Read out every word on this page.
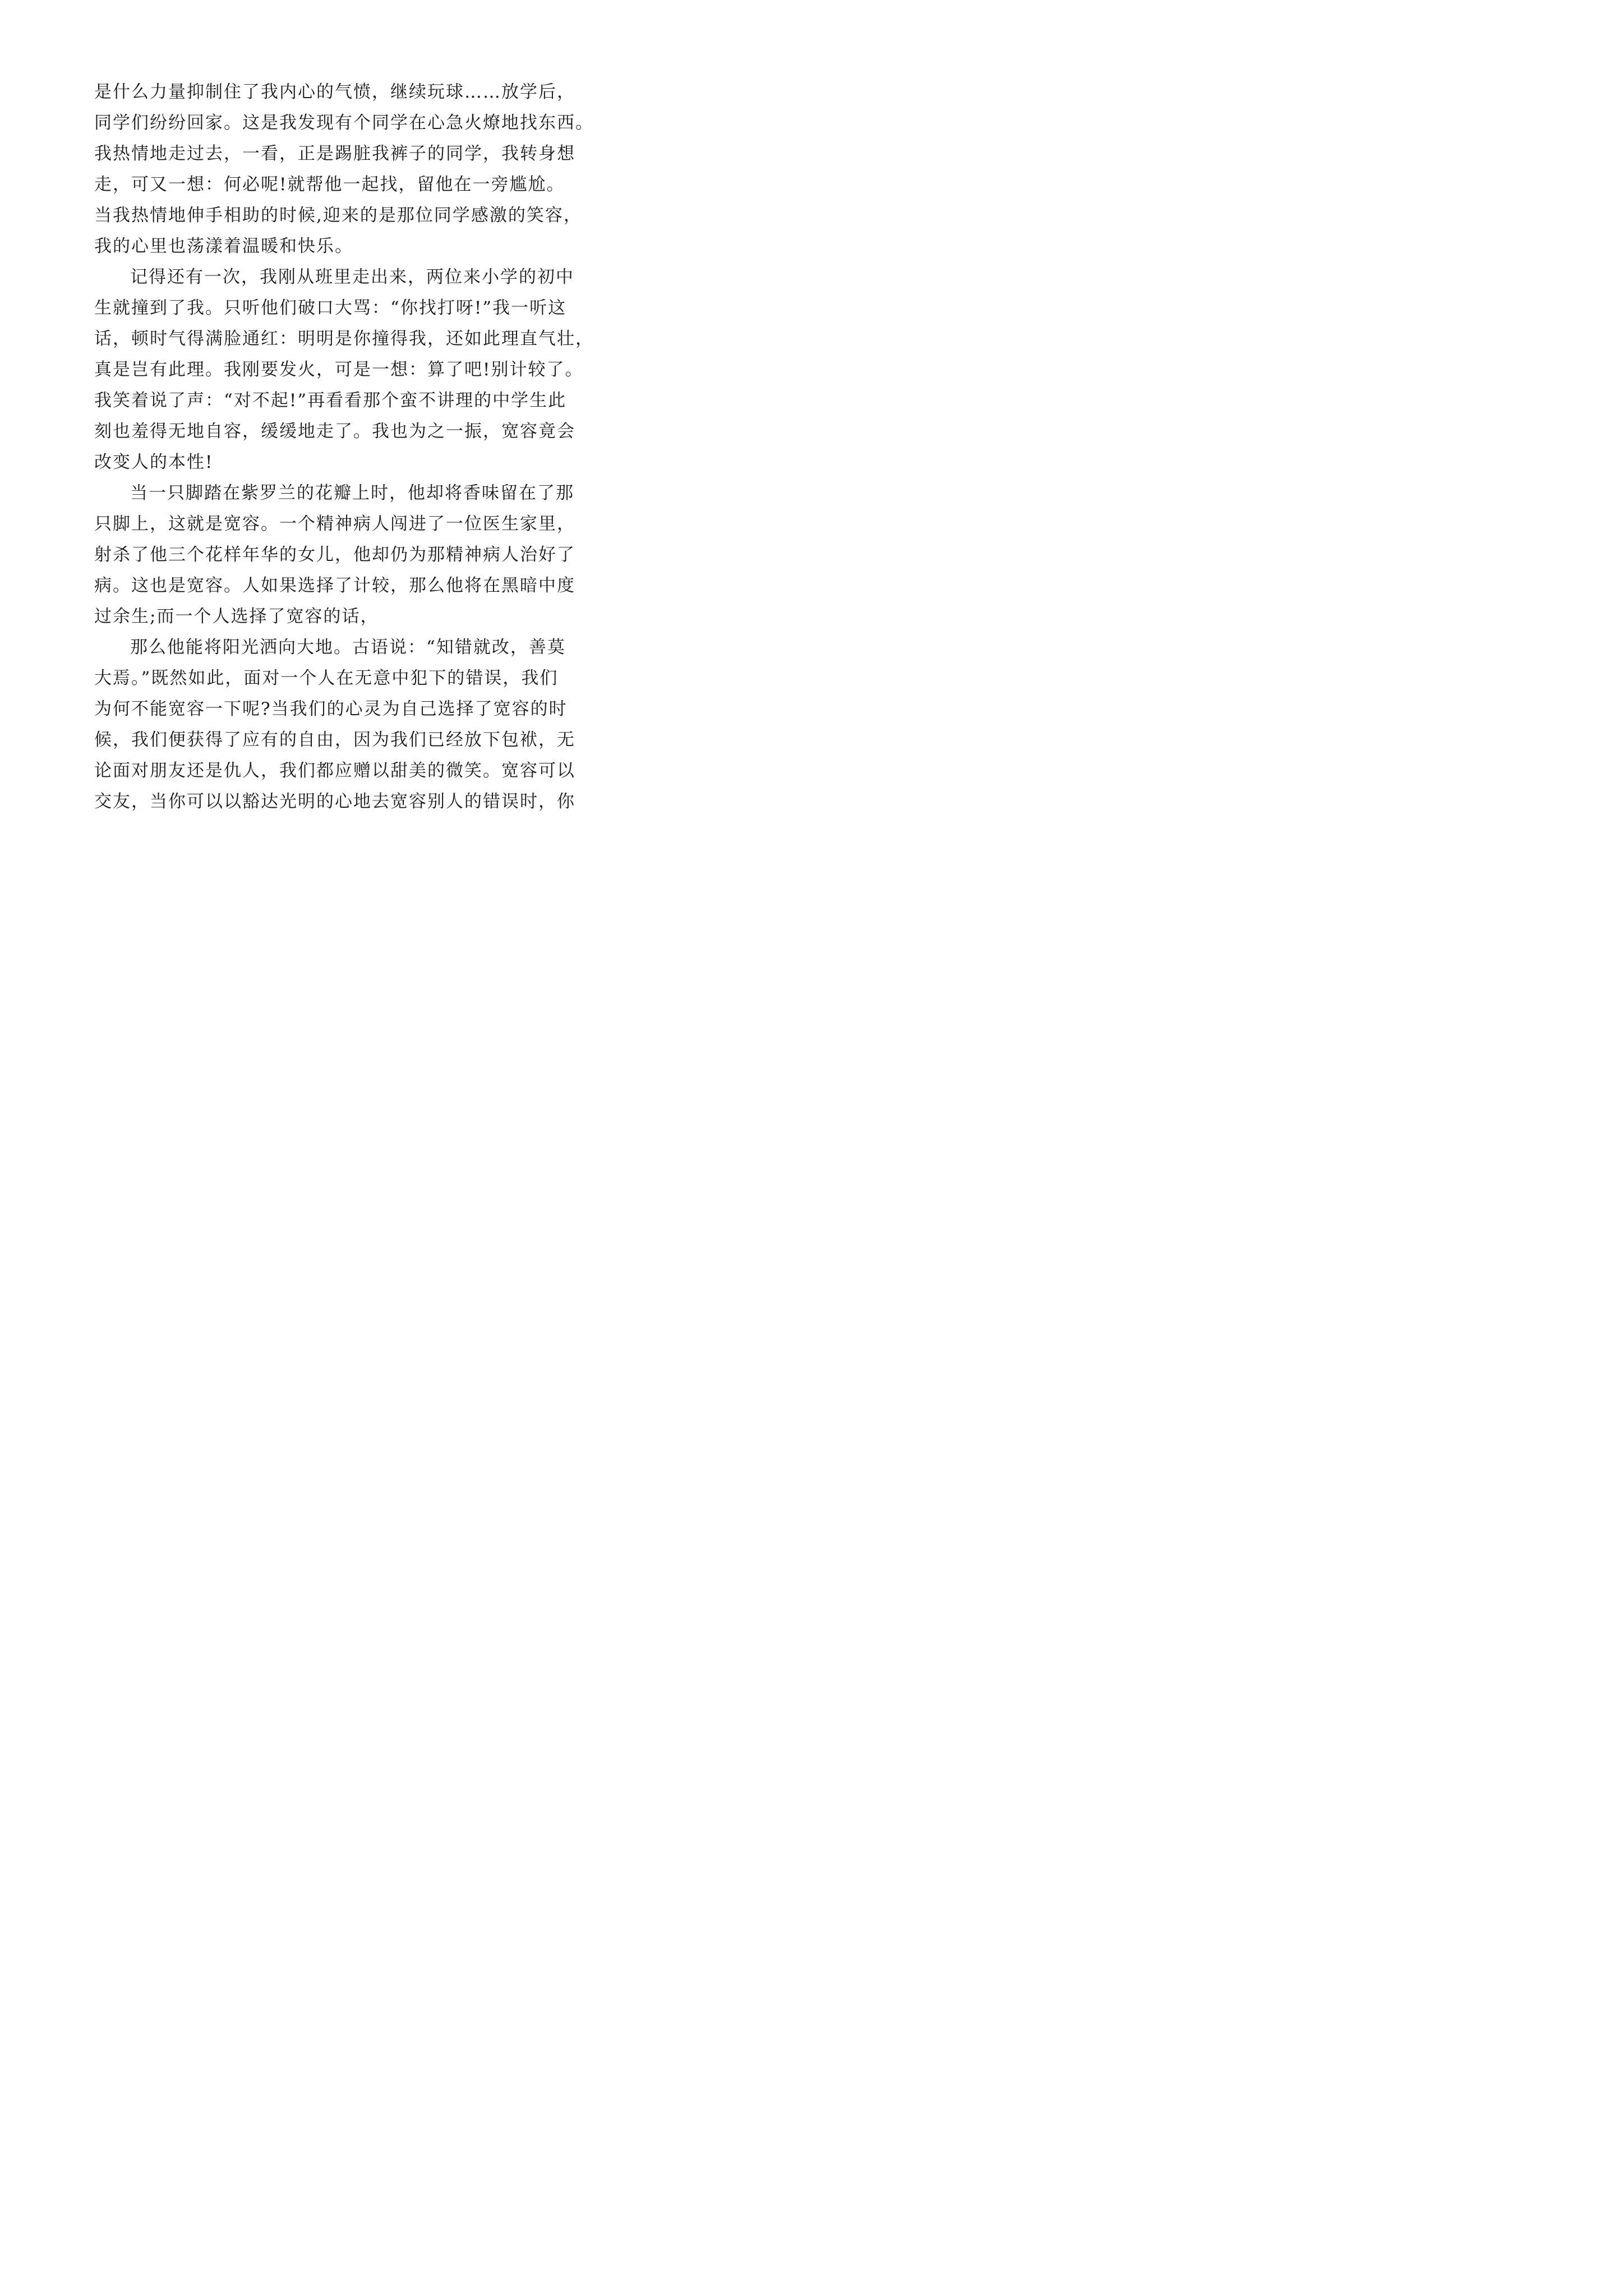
是什么力量抑制住了我内心的气愤，继续玩球……放学后，
同学们纷纷回家。这是我发现有个同学在心急火燎地找东西。
我热情地走过去，一看，正是踢脏我裤子的同学，我转身想
走，可又一想：何必呢!就帮他一起找，留他在一旁尴尬。
当我热情地伸手相助的时候,迎来的是那位同学感激的笑容，
我的心里也荡漾着温暖和快乐。
记得还有一次，我刚从班里走出来，两位来小学的初中
生就撞到了我。只听他们破口大骂：“你找打呀!”我一听这
话，顿时气得满脸通红：明明是你撞得我，还如此理直气壮，
真是岂有此理。我刚要发火，可是一想：算了吧!别计较了。
我笑着说了声：“对不起!”再看看那个蛮不讲理的中学生此
刻也羞得无地自容，缓缓地走了。我也为之一振，宽容竟会
改变人的本性!
当一只脚踏在紫罗兰的花瓣上时，他却将香味留在了那
只脚上，这就是宽容。一个精神病人闯进了一位医生家里，
射杀了他三个花样年华的女儿，他却仍为那精神病人治好了
病。这也是宽容。人如果选择了计较，那么他将在黑暗中度
过余生;而一个人选择了宽容的话，
那么他能将阳光洒向大地。古语说：“知错就改，善莫
大焉。”既然如此，面对一个人在无意中犯下的错误，我们
为何不能宽容一下呢?当我们的心灵为自己选择了宽容的时
候，我们便获得了应有的自由，因为我们已经放下包袱，无
论面对朋友还是仇人，我们都应赠以甜美的微笑。宽容可以
交友，当你可以以豁达光明的心地去宽容别人的错误时，你
